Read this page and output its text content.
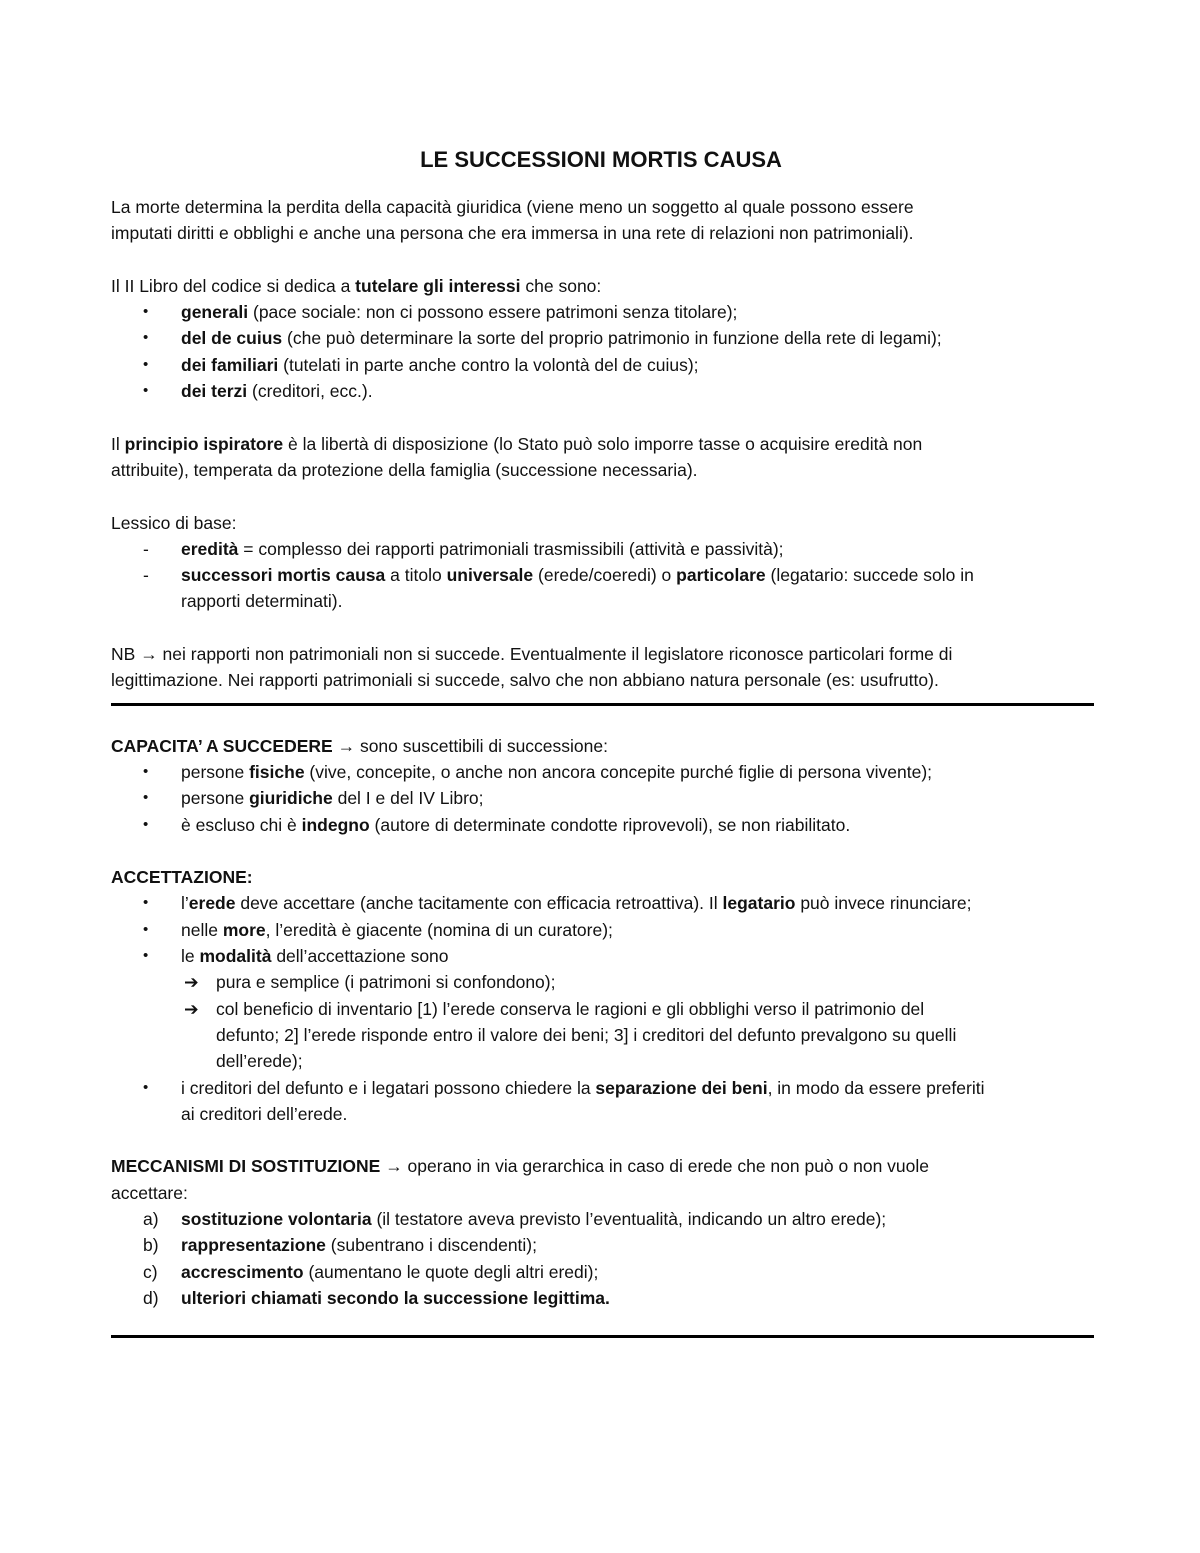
LE SUCCESSIONI MORTIS CAUSA
La morte determina la perdita della capacità giuridica (viene meno un soggetto al quale possono essere
imputati diritti e obblighi e anche una persona che era immersa in una rete di relazioni non patrimoniali).
Il II Libro del codice si dedica a tutelare gli interessi che sono:
• generali (pace sociale: non ci possono essere patrimoni senza titolare);
• del de cuius (che può determinare la sorte del proprio patrimonio in funzione della rete di legami);
• dei familiari (tutelati in parte anche contro la volontà del de cuius);
• dei terzi (creditori, ecc.).
Il principio ispiratore è la libertà di disposizione (lo Stato può solo imporre tasse o acquisire eredità non
attribuite), temperata da protezione della famiglia (successione necessaria).
Lessico di base:
- eredità = complesso dei rapporti patrimoniali trasmissibili (attività e passività);
- successori mortis causa a titolo universale (erede/coeredi) o particolare (legatario: succede solo in
rapporti determinati).
NB → nei rapporti non patrimoniali non si succede. Eventualmente il legislatore riconosce particolari forme di
legittimazione. Nei rapporti patrimoniali si succede, salvo che non abbiano natura personale (es: usufrutto).
CAPACITA’ A SUCCEDERE → sono suscettibili di successione:
• persone fisiche (vive, concepite, o anche non ancora concepite purché figlie di persona vivente);
• persone giuridiche del I e del IV Libro;
• è escluso chi è indegno (autore di determinate condotte riprovevoli), se non riabilitato.
ACCETTAZIONE:
• l’erede deve accettare (anche tacitamente con efficacia retroattiva). Il legatario può invece rinunciare;
• nelle more, l’eredità è giacente (nomina di un curatore);
• le modalità dell’accettazione sono
➔ pura e semplice (i patrimoni si confondono);
➔ col beneficio di inventario [1) l’erede conserva le ragioni e gli obblighi verso il patrimonio del
defunto; 2] l’erede risponde entro il valore dei beni; 3] i creditori del defunto prevalgono su quelli
dell’erede);
• i creditori del defunto e i legatari possono chiedere la separazione dei beni, in modo da essere preferiti
ai creditori dell’erede.
MECCANISMI DI SOSTITUZIONE → operano in via gerarchica in caso di erede che non può o non vuole
accettare:
a) sostituzione volontaria (il testatore aveva previsto l’eventualità, indicando un altro erede);
b) rappresentazione (subentrano i discendenti);
c) accrescimento (aumentano le quote degli altri eredi);
d) ulteriori chiamati secondo la successione legittima.
